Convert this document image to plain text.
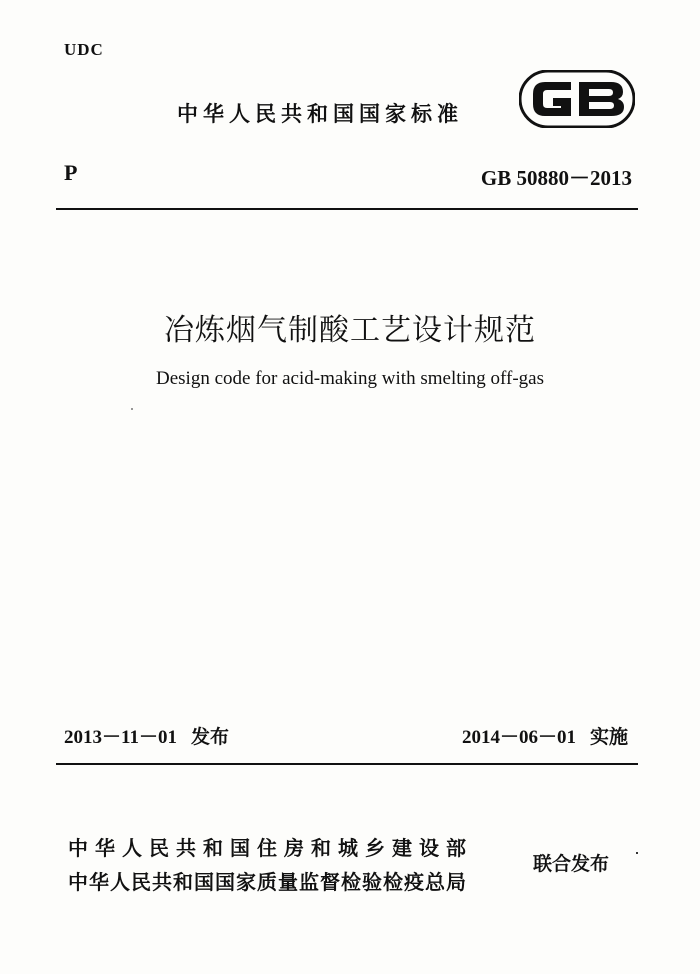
UDC
中华人民共和国国家标准
P	GB 50880－2013
冶炼烟气制酸工艺设计规范
Design code for acid-making with smelting off-gas
2013－11－01 发布	2014－06－01 实施
中华人民共和国住房和城乡建设部
中华人民共和国国家质量监督检验检疫总局
联合发布
